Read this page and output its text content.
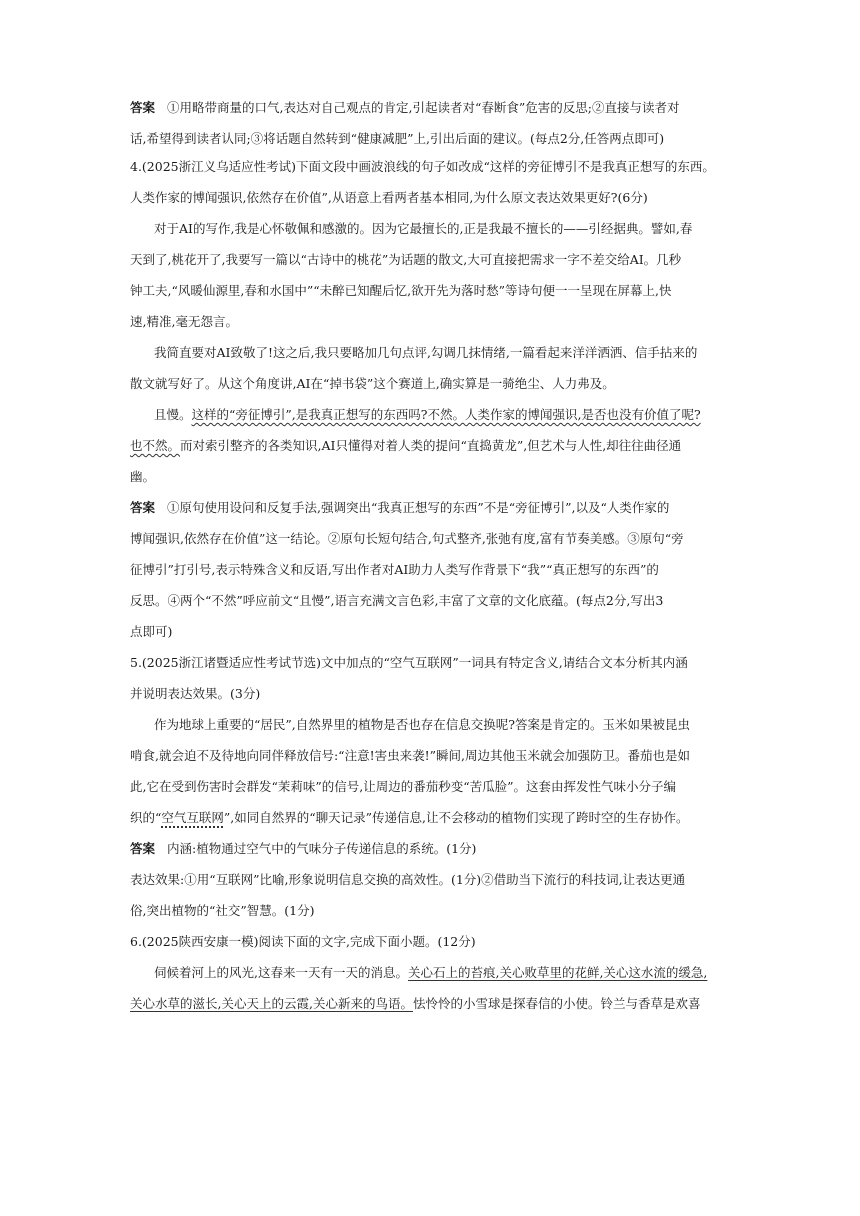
答案 ①用略带商量的口气,表达对自己观点的肯定,引起读者对“春断食”危害的反思;②直接与读者对

话,希望得到读者认同;③将话题自然转到“健康减肥”上,引出后面的建议。(每点2分,任答两点即可)

4.(2025浙江义乌适应性考试)下面文段中画波浪线的句子如改成“这样的旁征博引不是我真正想写的东西。

人类作家的博闻强识,依然存在价值”,从语意上看两者基本相同,为什么原文表达效果更好?(6分)

对于AI的写作,我是心怀敬佩和感激的。因为它最擅长的,正是我最不擅长的——引经据典。譬如,春

天到了,桃花开了,我要写一篇以“古诗中的桃花”为话题的散文,大可直接把需求一字不差交给AI。几秒

钟工夫,“风暖仙源里,春和水国中”“未醉已知醒后忆,欲开先为落时愁”等诗句便一一呈现在屏幕上,快

速,精准,毫无怨言。

我简直要对AI致敬了!这之后,我只要略加几句点评,勾调几抹情绪,一篇看起来洋洋洒洒、信手拈来的

散文就写好了。从这个角度讲,AI在“掉书袋”这个赛道上,确实算是一骑绝尘、人力弗及。

且慢。这样的“旁征博引”,是我真正想写的东西吗?不然。人类作家的博闻强识,是否也没有价值了呢?

也不然。而对索引整齐的各类知识,AI只懂得对着人类的提问“直捣黄龙”,但艺术与人性,却往往曲径通

幽。

答案 ①原句使用设问和反复手法,强调突出“我真正想写的东西”不是“旁征博引”,以及“人类作家的

博闻强识,依然存在价值”这一结论。②原句长短句结合,句式整齐,张弛有度,富有节奏美感。③原句“旁

征博引”打引号,表示特殊含义和反语,写出作者对AI助力人类写作背景下“我”“真正想写的东西”的

反思。④两个“不然”呼应前文“且慢”,语言充满文言色彩,丰富了文章的文化底蕴。(每点2分,写出3

点即可)

5.(2025浙江诸暨适应性考试节选)文中加点的“空气互联网”一词具有特定含义,请结合文本分析其内涵

并说明表达效果。(3分)

作为地球上重要的“居民”,自然界里的植物是否也存在信息交换呢?答案是肯定的。玉米如果被昆虫

啃食,就会迫不及待地向同伴释放信号:“注意!害虫来袭!”瞬间,周边其他玉米就会加强防卫。番茄也是如

此,它在受到伤害时会群发“茉莉味”的信号,让周边的番茄秒变“苦瓜脸”。这套由挥发性气味小分子编

织的“空气互联网”,如同自然界的“聊天记录”传递信息,让不会移动的植物们实现了跨时空的生存协作。

答案 内涵:植物通过空气中的气味分子传递信息的系统。(1分)

表达效果:①用“互联网”比喻,形象说明信息交换的高效性。(1分)②借助当下流行的科技词,让表达更通

俗,突出植物的“社交”智慧。(1分)

6.(2025陕西安康一模)阅读下面的文字,完成下面小题。(12分)

伺候着河上的风光,这春来一天有一天的消息。关心石上的苔痕,关心败草里的花鲜,关心这水流的缓急,

关心水草的滋长,关心天上的云霞,关心新来的鸟语。怯怜怜的小雪球是探春信的小使。铃兰与香草是欢喜
